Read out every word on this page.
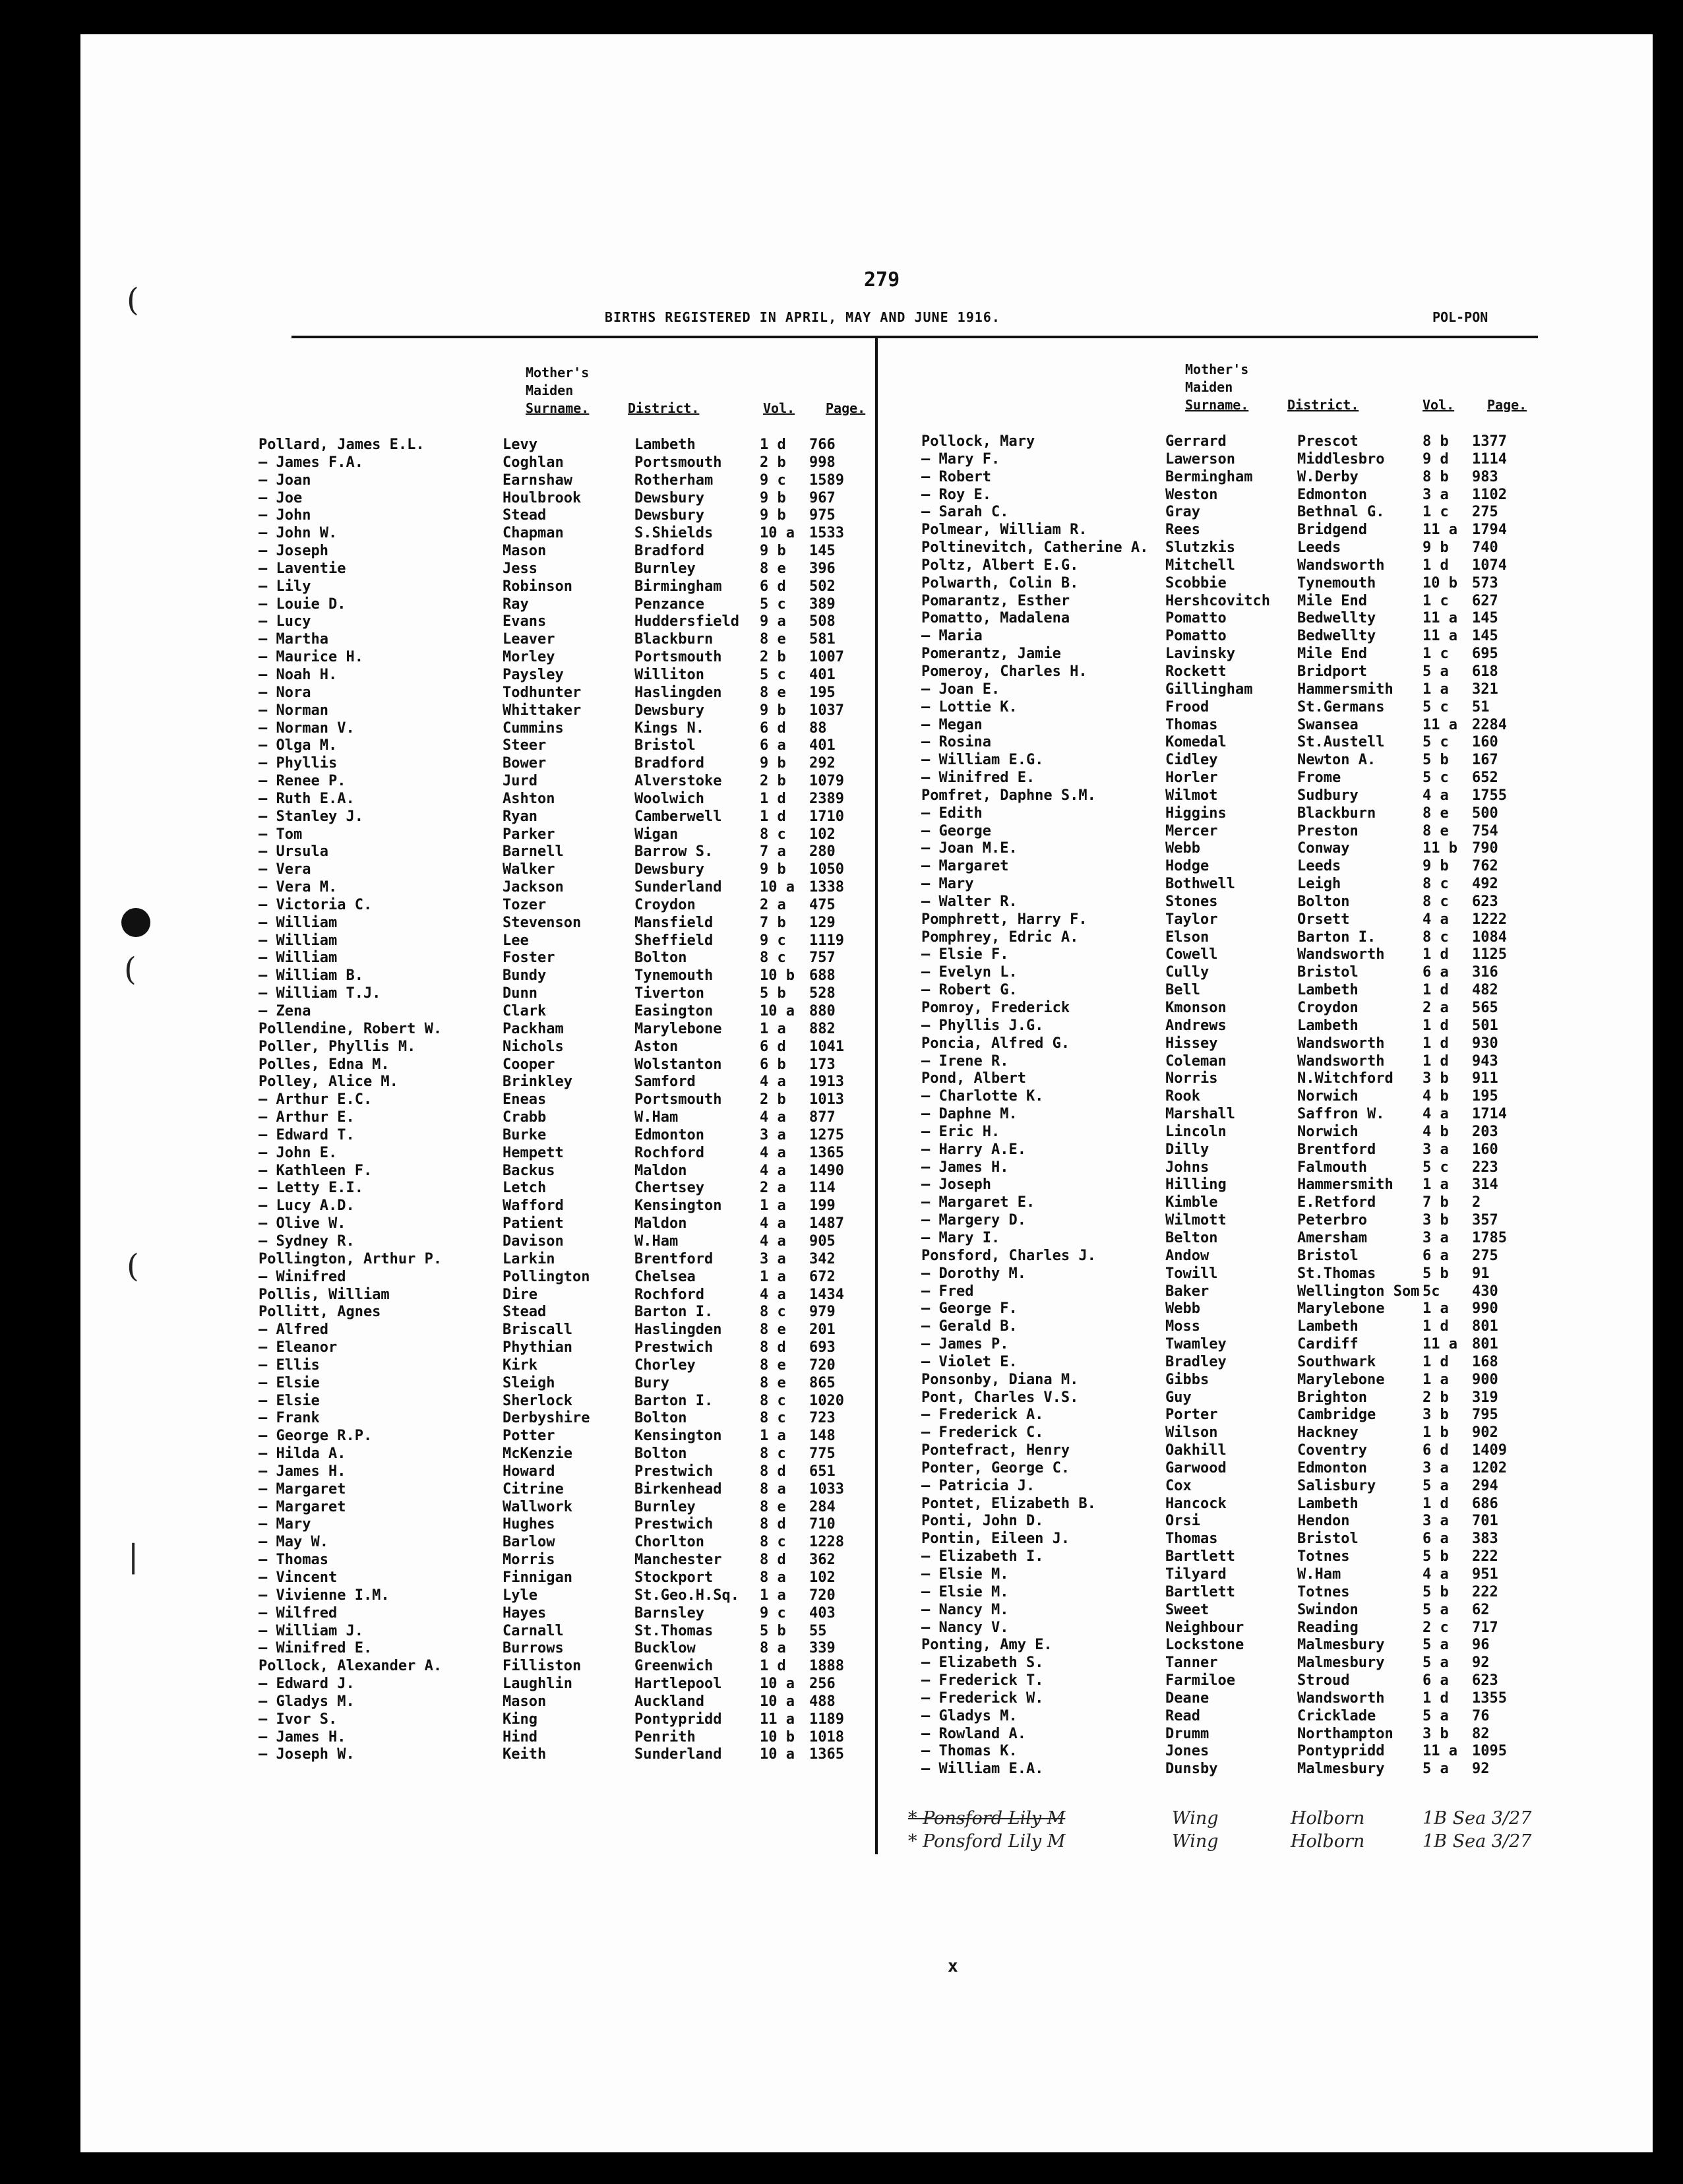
(
(
(
|
279
BIRTHS REGISTERED IN APRIL, MAY AND JUNE 1916.	POL-PON
Mother's
Maiden
Surname.	District.	Vol. Page.
Mother's
Maiden
Surname.	District.	Vol. Page.
Pollard, James E.L.	Levy	Lambeth	1 d 766
— James F.A.	Coghlan	Portsmouth	2 b 998
— Joan	Earnshaw	Rotherham	9 c 1589
— Joe	Houlbrook	Dewsbury	9 b 967
— John	Stead	Dewsbury	9 b 975
— John W.	Chapman	S.Shields	10 a 1533
— Joseph	Mason	Bradford	9 b 145
— Laventie	Jess	Burnley	8 e 396
— Lily	Robinson	Birmingham	6 d 502
— Louie D.	Ray	Penzance	5 c 389
— Lucy	Evans	Huddersfield 9 a 508
— Martha	Leaver	Blackburn	8 e 581
— Maurice H.	Morley	Portsmouth	2 b 1007
— Noah H.	Paysley	Williton	5 c 401
— Nora	Todhunter	Haslingden	8 e 195
— Norman	Whittaker	Dewsbury	9 b 1037
— Norman V.	Cummins	Kings N.	6 d 88
— Olga M.	Steer	Bristol	6 a 401
— Phyllis	Bower	Bradford	9 b 292
— Renee P.	Jurd	Alverstoke	2 b 1079
— Ruth E.A.	Ashton	Woolwich	1 d 2389
— Stanley J.	Ryan	Camberwell	1 d 1710
— Tom	Parker	Wigan	8 c 102
— Ursula	Barnell	Barrow S.	7 a 280
— Vera	Walker	Dewsbury	9 b 1050
— Vera M.	Jackson	Sunderland	10 a 1338
— Victoria C.	Tozer	Croydon	2 a 475
— William	Stevenson	Mansfield	7 b 129
— William	Lee	Sheffield	9 c 1119
— William	Foster	Bolton	8 c 757
— William B.	Bundy	Tynemouth	10 b 688
— William T.J.	Dunn	Tiverton	5 b 528
— Zena	Clark	Easington	10 a 880
Pollendine, Robert W.	Packham	Marylebone	1 a 882
Poller, Phyllis M.	Nichols	Aston	6 d 1041
Polles, Edna M.	Cooper	Wolstanton	6 b 173
Polley, Alice M.	Brinkley	Samford	4 a 1913
— Arthur E.C.	Eneas	Portsmouth	2 b 1013
— Arthur E.	Crabb	W.Ham	4 a 877
— Edward T.	Burke	Edmonton	3 a 1275
— John E.	Hempett	Rochford	4 a 1365
— Kathleen F.	Backus	Maldon	4 a 1490
— Letty E.I.	Letch	Chertsey	2 a 114
— Lucy A.D.	Wafford	Kensington	1 a 199
— Olive W.	Patient	Maldon	4 a 1487
— Sydney R.	Davison	W.Ham	4 a 905
Pollington, Arthur P.	Larkin	Brentford	3 a 342
— Winifred	Pollington	Chelsea	1 a 672
Pollis, William	Dire	Rochford	4 a 1434
Pollitt, Agnes	Stead	Barton I.	8 c 979
— Alfred	Briscall	Haslingden	8 e 201
— Eleanor	Phythian	Prestwich	8 d 693
— Ellis	Kirk	Chorley	8 e 720
— Elsie	Sleigh	Bury	8 e 865
— Elsie	Sherlock	Barton I.	8 c 1020
— Frank	Derbyshire	Bolton	8 c 723
— George R.P.	Potter	Kensington	1 a 148
— Hilda A.	McKenzie	Bolton	8 c 775
— James H.	Howard	Prestwich	8 d 651
— Margaret	Citrine	Birkenhead	8 a 1033
— Margaret	Wallwork	Burnley	8 e 284
— Mary	Hughes	Prestwich	8 d 710
— May W.	Barlow	Chorlton	8 c 1228
— Thomas	Morris	Manchester	8 d 362
— Vincent	Finnigan	Stockport	8 a 102
— Vivienne I.M.	Lyle	St.Geo.H.Sq. 1 a 720
— Wilfred	Hayes	Barnsley	9 c 403
— William J.	Carnall	St.Thomas	5 b 55
— Winifred E.	Burrows	Bucklow	8 a 339
Pollock, Alexander A.	Filliston	Greenwich	1 d 1888
— Edward J.	Laughlin	Hartlepool	10 a 256
— Gladys M.	Mason	Auckland	10 a 488
— Ivor S.	King	Pontypridd	11 a 1189
— James H.	Hind	Penrith	10 b 1018
— Joseph W.	Keith	Sunderland	10 a 1365
Pollock, Mary	Gerrard	Prescot	8 b 1377
— Mary F.	Lawerson	Middlesbro	9 d 1114
— Robert	Bermingham	W.Derby	8 b 983
— Roy E.	Weston	Edmonton	3 a 1102
— Sarah C.	Gray	Bethnal G.	1 c 275
Polmear, William R.	Rees	Bridgend	11 a 1794
Poltinevitch, Catherine A. Slutzkis	Leeds	9 b 740
Poltz, Albert E.G.	Mitchell	Wandsworth	1 d 1074
Polwarth, Colin B.	Scobbie	Tynemouth	10 b 573
Pomarantz, Esther	Hershcovitch Mile End	1 c 627
Pomatto, Madalena	Pomatto	Bedwellty	11 a 145
— Maria	Pomatto	Bedwellty	11 a 145
Pomerantz, Jamie	Lavinsky	Mile End	1 c 695
Pomeroy, Charles H.	Rockett	Bridport	5 a 618
— Joan E.	Gillingham	Hammersmith 1 a 321
— Lottie K.	Frood	St.Germans	5 c 51
— Megan	Thomas	Swansea	11 a 2284
— Rosina	Komedal	St.Austell	5 c 160
— William E.G.	Cidley	Newton A.	5 b 167
— Winifred E.	Horler	Frome	5 c 652
Pomfret, Daphne S.M.	Wilmot	Sudbury	4 a 1755
— Edith	Higgins	Blackburn	8 e 500
— George	Mercer	Preston	8 e 754
— Joan M.E.	Webb	Conway	11 b 790
— Margaret	Hodge	Leeds	9 b 762
— Mary	Bothwell	Leigh	8 c 492
— Walter R.	Stones	Bolton	8 c 623
Pomphrett, Harry F.	Taylor	Orsett	4 a 1222
Pomphrey, Edric A.	Elson	Barton I.	8 c 1084
— Elsie F.	Cowell	Wandsworth	1 d 1125
— Evelyn L.	Cully	Bristol	6 a 316
— Robert G.	Bell	Lambeth	1 d 482
Pomroy, Frederick	Kmonson	Croydon	2 a 565
— Phyllis J.G.	Andrews	Lambeth	1 d 501
Poncia, Alfred G.	Hissey	Wandsworth	1 d 930
— Irene R.	Coleman	Wandsworth	1 d 943
Pond, Albert	Norris	N.Witchford 3 b 911
— Charlotte K.	Rook	Norwich	4 b 195
— Daphne M.	Marshall	Saffron W.	4 a 1714
— Eric H.	Lincoln	Norwich	4 b 203
— Harry A.E.	Dilly	Brentford	3 a 160
— James H.	Johns	Falmouth	5 c 223
— Joseph	Hilling	Hammersmith 1 a 314
— Margaret E.	Kimble	E.Retford	7 b 2
— Margery D.	Wilmott	Peterbro	3 b 357
— Mary I.	Belton	Amersham	3 a 1785
Ponsford, Charles J.	Andow	Bristol	6 a 275
— Dorothy M.	Towill	St.Thomas	5 b 91
— Fred	Baker	Wellington Som 5c 430
— George F.	Webb	Marylebone	1 a 990
— Gerald B.	Moss	Lambeth	1 d 801
— James P.	Twamley	Cardiff	11 a 801
— Violet E.	Bradley	Southwark	1 d 168
Ponsonby, Diana M.	Gibbs	Marylebone	1 a 900
Pont, Charles V.S.	Guy	Brighton	2 b 319
— Frederick A.	Porter	Cambridge	3 b 795
— Frederick C.	Wilson	Hackney	1 b 902
Pontefract, Henry	Oakhill	Coventry	6 d 1409
Ponter, George C.	Garwood	Edmonton	3 a 1202
— Patricia J.	Cox	Salisbury	5 a 294
Pontet, Elizabeth B.	Hancock	Lambeth	1 d 686
Ponti, John D.	Orsi	Hendon	3 a 701
Pontin, Eileen J.	Thomas	Bristol	6 a 383
— Elizabeth I.	Bartlett	Totnes	5 b 222
— Elsie M.	Tilyard	W.Ham	4 a 951
— Elsie M.	Bartlett	Totnes	5 b 222
— Nancy M.	Sweet	Swindon	5 a 62
— Nancy V.	Neighbour	Reading	2 c 717
Ponting, Amy E.	Lockstone	Malmesbury	5 a 96
— Elizabeth S.	Tanner	Malmesbury	5 a 92
— Frederick T.	Farmiloe	Stroud	6 a 623
— Frederick W.	Deane	Wandsworth	1 d 1355
— Gladys M.	Read	Cricklade	5 a 76
— Rowland A.	Drumm	Northampton 3 b 82
— Thomas K.	Jones	Pontypridd	11 a 1095
— William E.A.	Dunsby	Malmesbury	5 a 92
* Ponsford Lily M	Wing	Holborn	1B Sea 3/27
* Ponsford Lily M	Wing	Holborn	1B Sea 3/27
x
